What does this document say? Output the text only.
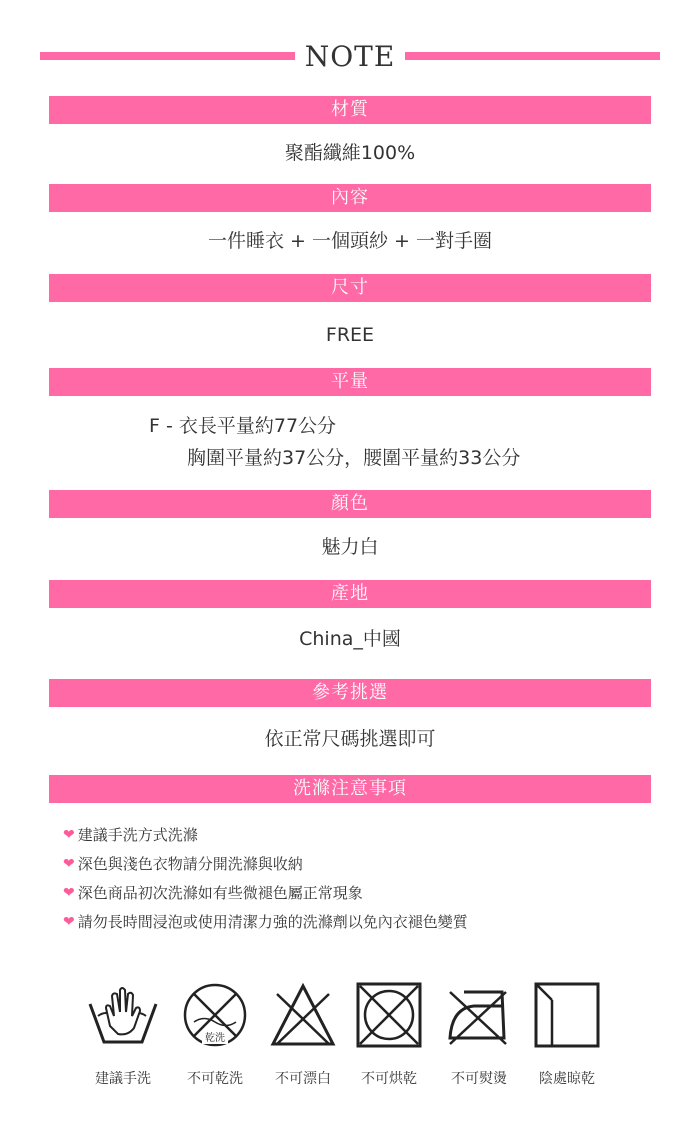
NOTE
材質
聚酯纖維100%
內容
一件睡衣 + 一個頭紗 + 一對手圈
尺寸
FREE
平量
F - 衣長平量約77公分
胸圍平量約37公分，腰圍平量約33公分
顏色
魅力白
產地
China_中國
參考挑選
依正常尺碼挑選即可
洗滌注意事項
❤ 建議手洗方式洗滌
❤ 深色與淺色衣物請分開洗滌與收納
❤ 深色商品初次洗滌如有些微褪色屬正常現象
❤ 請勿長時間浸泡或使用清潔力強的洗滌劑以免內衣褪色變質
建議手洗
乾洗
不可乾洗	不可漂白	不可烘乾	不可熨燙	陰處晾乾
